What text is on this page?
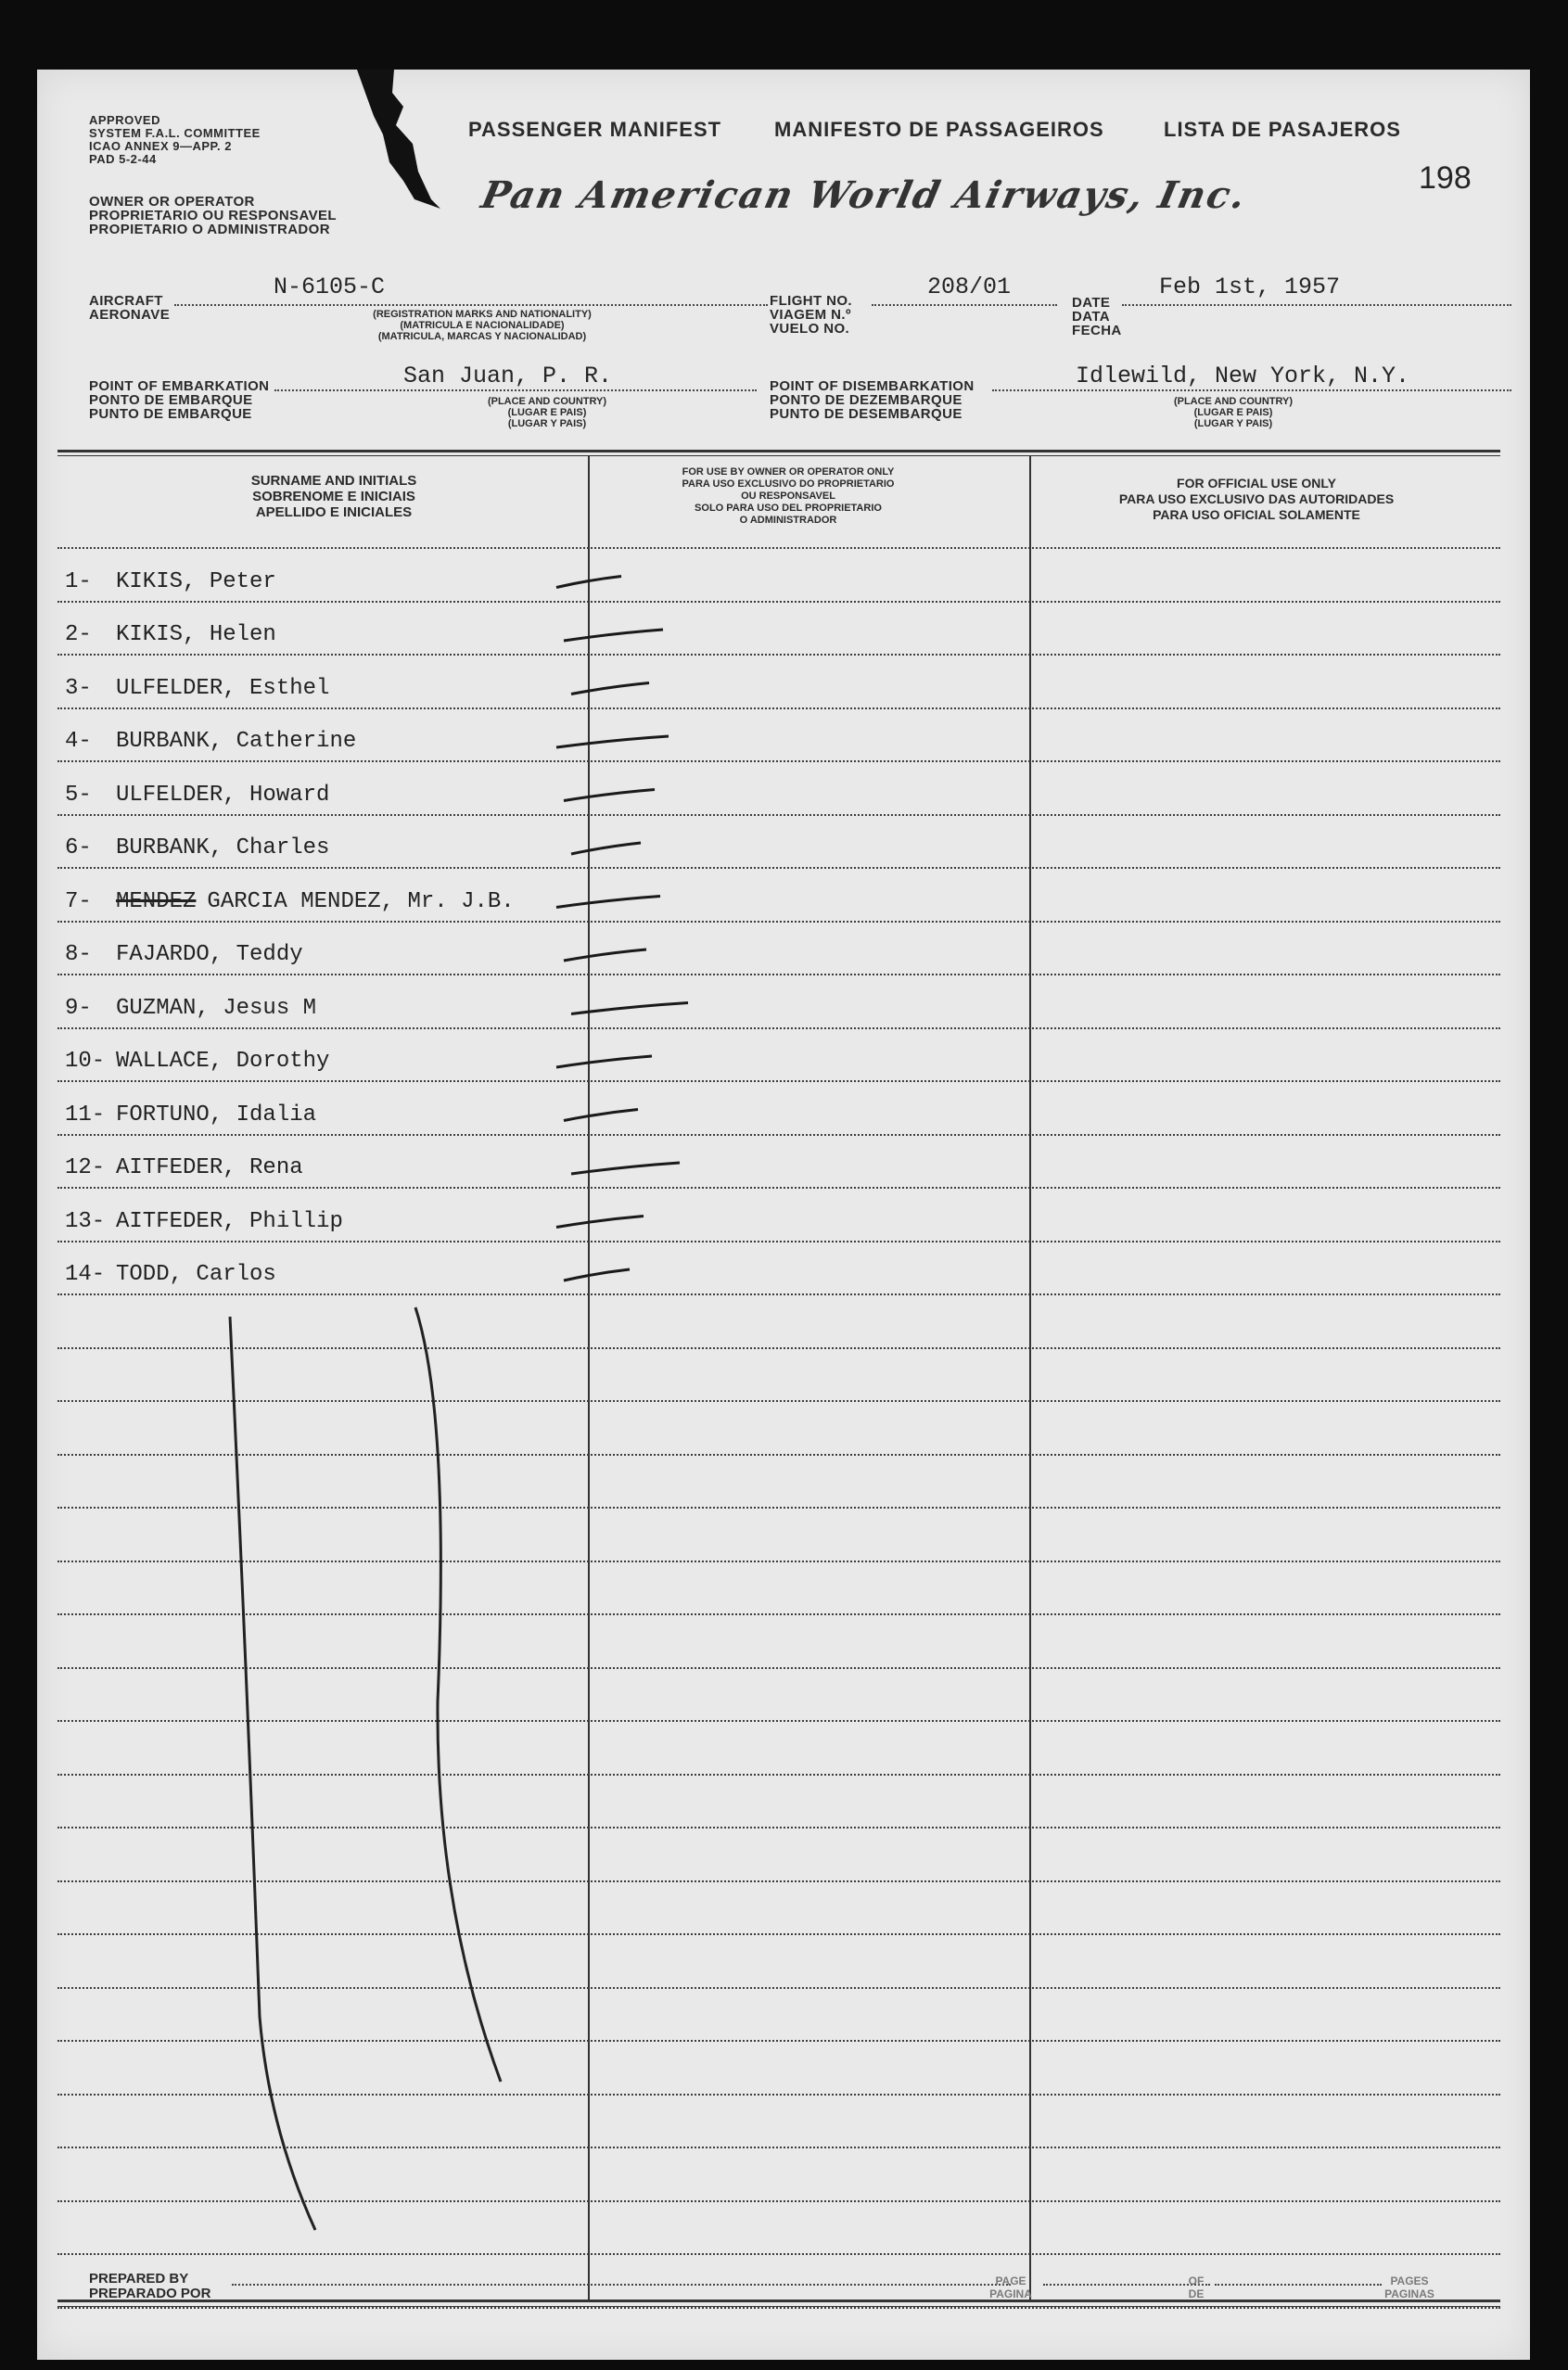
APPROVED
SYSTEM F.A.L. COMMITTEE
ICAO ANNEX 9—APP. 2
PAD 5-2-44
OWNER OR OPERATOR
PROPRIETARIO OU RESPONSAVEL
PROPIETARIO O ADMINISTRADOR
PASSENGER MANIFEST	MANIFESTO DE PASSAGEIROS	LISTA DE PASAJEROS
198
Pan American World Airways, Inc.
AIRCRAFT
AERONAVE
N-6105-C
(REGISTRATION MARKS AND NATIONALITY)
(MATRICULA E NACIONALIDADE)
(MATRICULA, MARCAS Y NACIONALIDAD)
FLIGHT NO.
VIAGEM N.º
VUELO NO.
208/01
DATE
DATA
FECHA
Feb 1st, 1957
POINT OF EMBARKATION
PONTO DE EMBARQUE
PUNTO DE EMBARQUE
San Juan, P. R.
(PLACE AND COUNTRY)
(LUGAR E PAIS)
(LUGAR Y PAIS)
POINT OF DISEMBARKATION
PONTO DE DEZEMBARQUE
PUNTO DE DESEMBARQUE
Idlewild, New York, N.Y.
(PLACE AND COUNTRY)
(LUGAR E PAIS)
(LUGAR Y PAIS)
SURNAME AND INITIALS
SOBRENOME E INICIAIS
APELLIDO E INICIALES
FOR USE BY OWNER OR OPERATOR ONLY
PARA USO EXCLUSIVO DO PROPRIETARIO
OU RESPONSAVEL
SOLO PARA USO DEL PROPRIETARIO
O ADMINISTRADOR
FOR OFFICIAL USE ONLY
PARA USO EXCLUSIVO DAS AUTORIDADES
PARA USO OFICIAL SOLAMENTE
1- KIKIS, Peter
2- KIKIS, Helen
3- ULFELDER, Esthel
4- BURBANK, Catherine
5- ULFELDER, Howard
6- BURBANK, Charles
7- MENDEZ GARCIA MENDEZ, Mr. J.B.
8- FAJARDO, Teddy
9- GUZMAN, Jesus M
10- WALLACE, Dorothy
11- FORTUNO, Idalia
12- AITFEDER, Rena
13- AITFEDER, Phillip
14- TODD, Carlos
PREPARED BY
PREPARADO POR
PAGE
PAGINA
OF
DE
PAGES
PAGINAS
